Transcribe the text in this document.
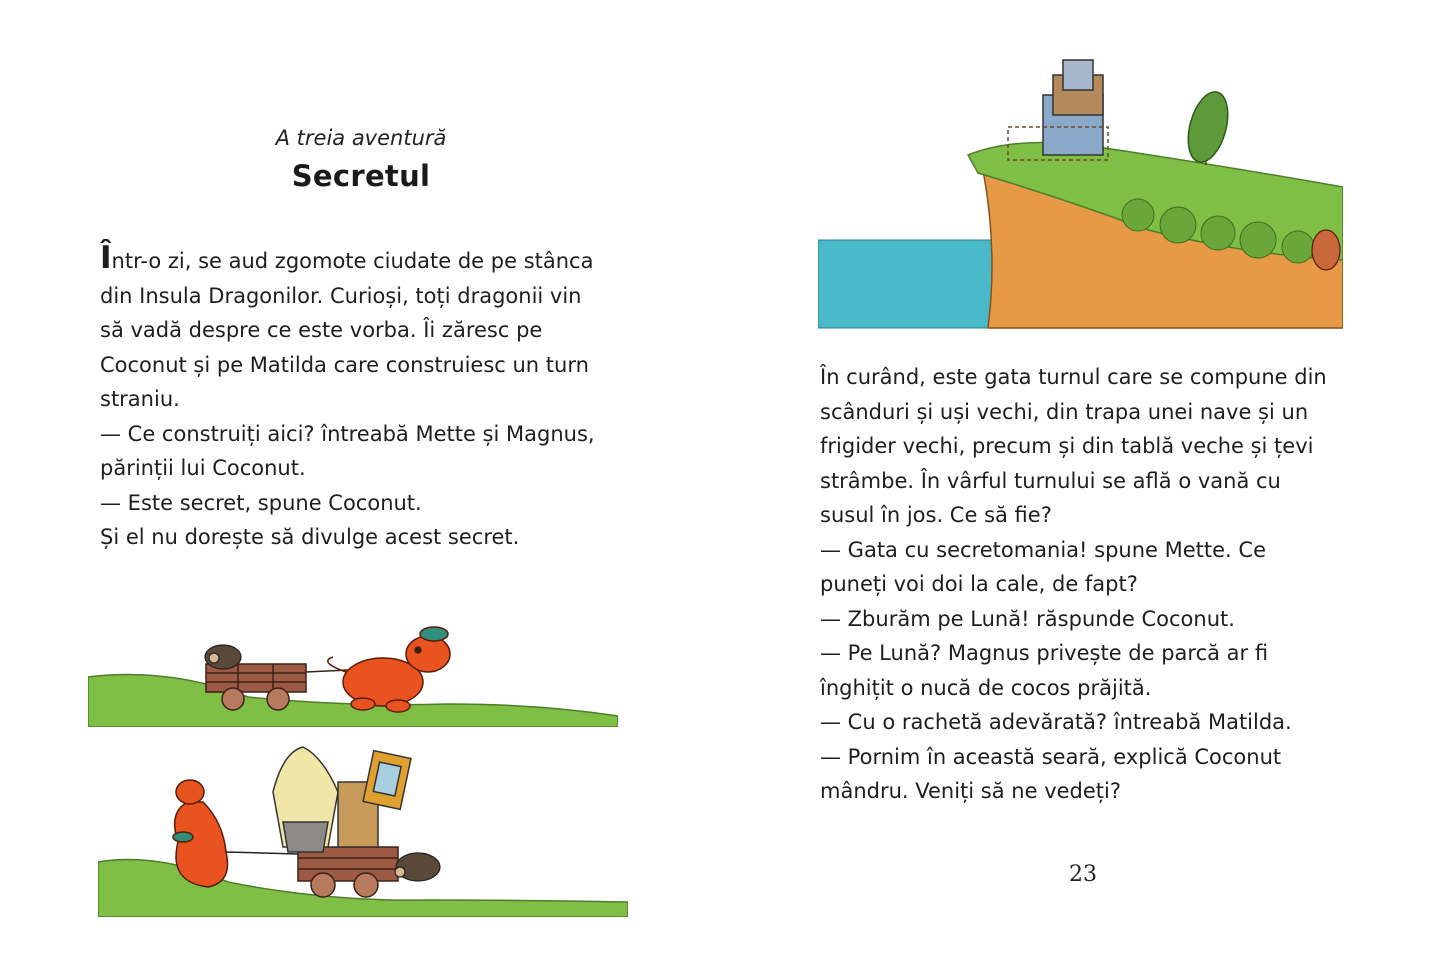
A treia aventură
Secretul

Într-o zi, se aud zgomote ciudate de pe stânca

din Insula Dragonilor. Curioși, toți dragonii vin

să vadă despre ce este vorba. Îi zăresc pe

Coconut și pe Matilda care construiesc un turn

straniu.

— Ce construiți aici? întreabă Mette și Magnus,

părinții lui Coconut.

— Este secret, spune Coconut.

Și el nu dorește să divulge acest secret.

În curând, este gata turnul care se compune din

scânduri și uși vechi, din trapa unei nave și un

frigider vechi, precum și din tablă veche și țevi

strâmbe. În vârful turnului se află o vană cu

susul în jos. Ce să fie?

— Gata cu secretomania! spune Mette. Ce

puneți voi doi la cale, de fapt?

— Zburăm pe Lună! răspunde Coconut.

— Pe Lună? Magnus privește de parcă ar fi

înghițit o nucă de cocos prăjită.

— Cu o rachetă adevărată? întreabă Matilda.

— Pornim în această seară, explică Coconut

mândru. Veniți să ne vedeți?

23
